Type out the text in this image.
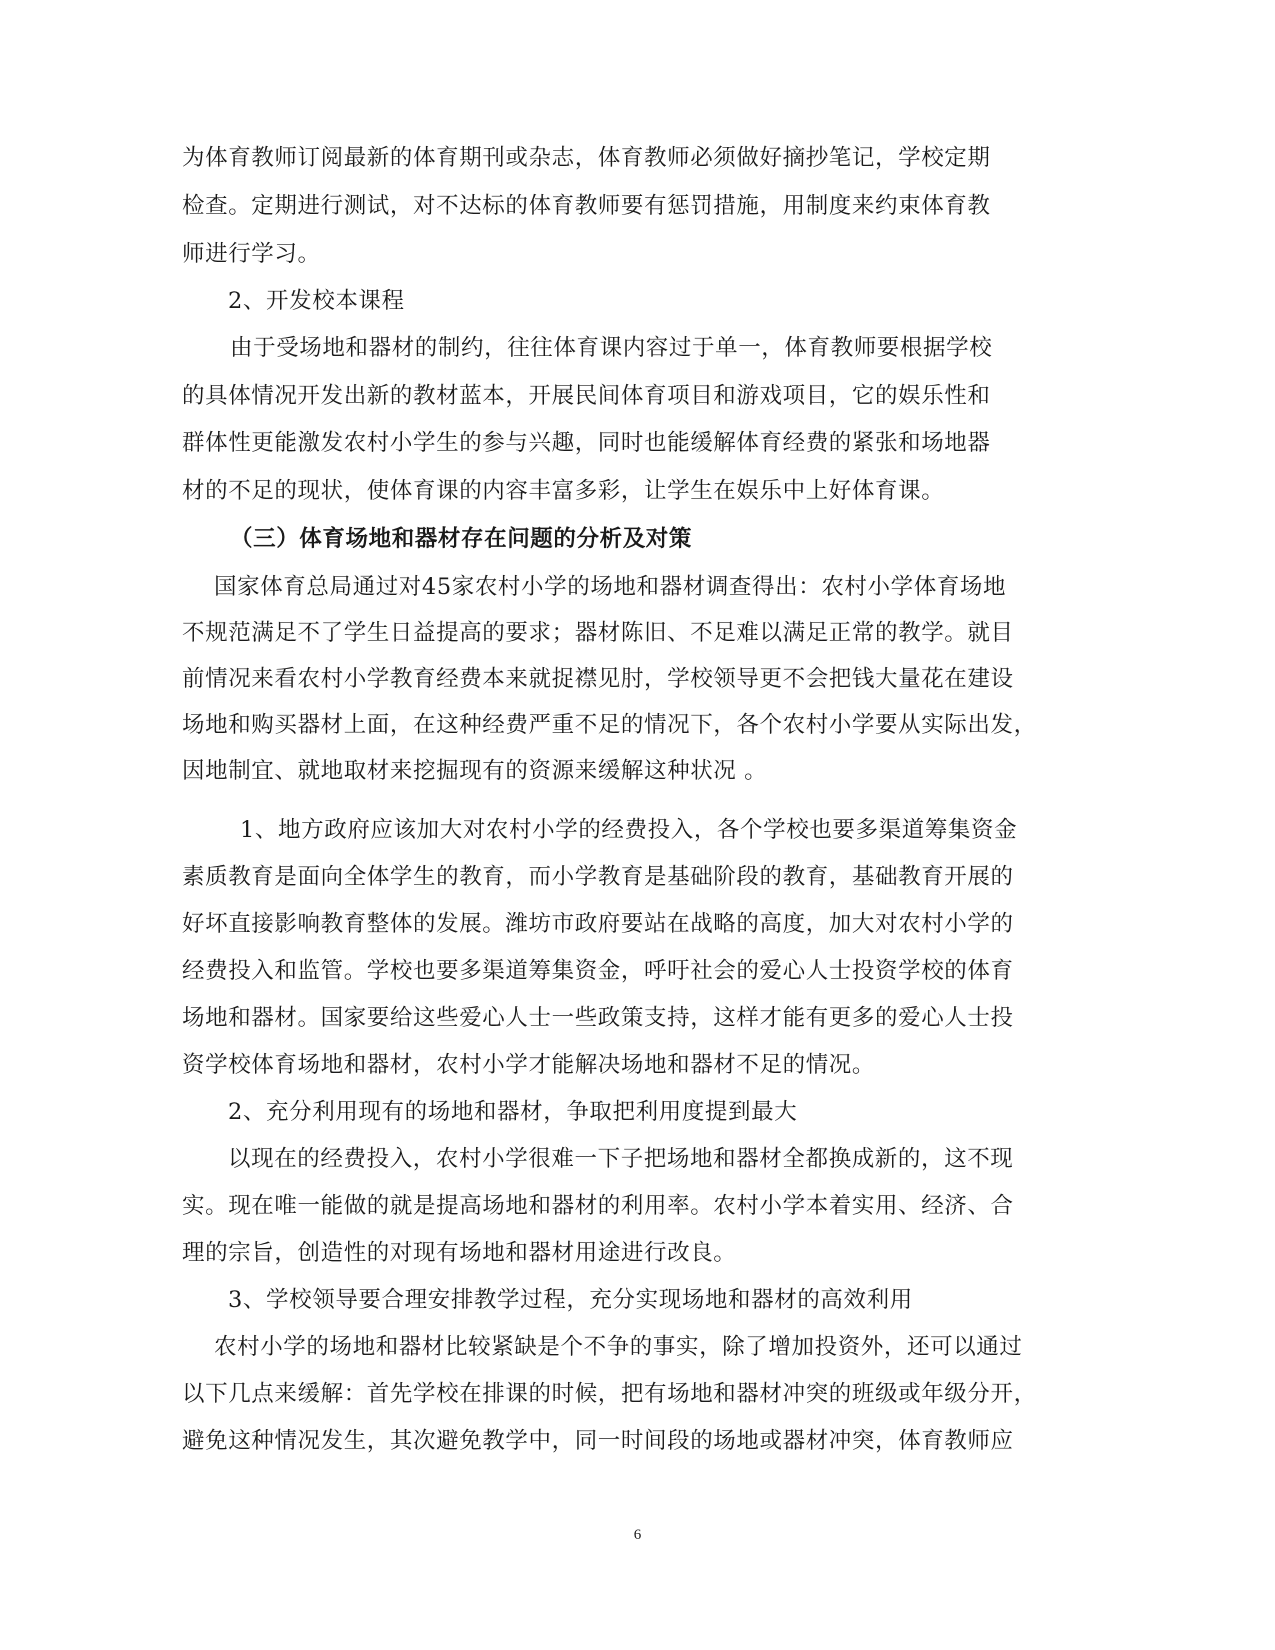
为体育教师订阅最新的体育期刊或杂志，体育教师必须做好摘抄笔记，学校定期
检查。定期进行测试，对不达标的体育教师要有惩罚措施，用制度来约束体育教
师进行学习。
2、开发校本课程
由于受场地和器材的制约，往往体育课内容过于单一，体育教师要根据学校
的具体情况开发出新的教材蓝本，开展民间体育项目和游戏项目，它的娱乐性和
群体性更能激发农村小学生的参与兴趣，同时也能缓解体育经费的紧张和场地器
材的不足的现状，使体育课的内容丰富多彩，让学生在娱乐中上好体育课。
（三）体育场地和器材存在问题的分析及对策
国家体育总局通过对45家农村小学的场地和器材调查得出：农村小学体育场地
不规范满足不了学生日益提高的要求；器材陈旧、不足难以满足正常的教学。就目
前情况来看农村小学教育经费本来就捉襟见肘，学校领导更不会把钱大量花在建设
场地和购买器材上面，在这种经费严重不足的情况下，各个农村小学要从实际出发，
因地制宜、就地取材来挖掘现有的资源来缓解这种状况 。
1、地方政府应该加大对农村小学的经费投入，各个学校也要多渠道筹集资金
素质教育是面向全体学生的教育，而小学教育是基础阶段的教育，基础教育开展的
好坏直接影响教育整体的发展。潍坊市政府要站在战略的高度，加大对农村小学的
经费投入和监管。学校也要多渠道筹集资金，呼吁社会的爱心人士投资学校的体育
场地和器材。国家要给这些爱心人士一些政策支持，这样才能有更多的爱心人士投
资学校体育场地和器材，农村小学才能解决场地和器材不足的情况。
2、充分利用现有的场地和器材，争取把利用度提到最大
以现在的经费投入，农村小学很难一下子把场地和器材全都换成新的，这不现
实。现在唯一能做的就是提高场地和器材的利用率。农村小学本着实用、经济、合
理的宗旨，创造性的对现有场地和器材用途进行改良。
3、学校领导要合理安排教学过程，充分实现场地和器材的高效利用
农村小学的场地和器材比较紧缺是个不争的事实，除了增加投资外，还可以通过
以下几点来缓解：首先学校在排课的时候，把有场地和器材冲突的班级或年级分开，
避免这种情况发生，其次避免教学中，同一时间段的场地或器材冲突，体育教师应
6
